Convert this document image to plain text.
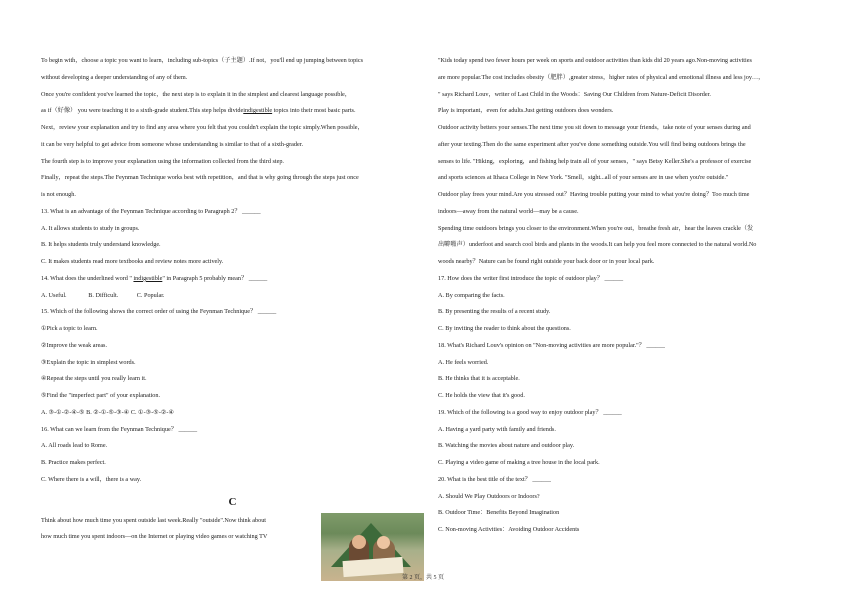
To begin with，choose a topic you want to learn，including sub-topics（子主题）.If not，you'll end up jumping between topics
without developing a deeper understanding of any of them.
Once you're confident you've learned the topic，the next step is to explain it in the simplest and clearest language possible，
as if（好像） you were teaching it to a sixth-grade student.This step helps divideindigestible topics into their most basic parts.
Next，review your explanation and try to find any area where you felt that you couldn't explain the topic simply.When possible，
it can be very helpful to get advice from someone whose understanding is similar to that of a sixth-grader.
The fourth step is to improve your explanation using the information collected from the third step.
Finally，repeat the steps.The Feynman Technique works best with repetition，and that is why going through the steps just once
is not enough.
13. What is an advantage of the Feynman Technique according to Paragraph 2？ ______
A. It allows students to study in groups.
B. It helps students truly understand knowledge.
C. It makes students read more textbooks and review notes more actively.
14. What does the underlined word " indigestible" in Paragraph 5 probably mean？ ______
A. Useful.              B. Difficult.            C. Popular.
15. Which of the following shows the correct order of using the Feynman Technique？ ______
①Pick a topic to learn.
②Improve the weak areas.
③Explain the topic in simplest words.
④Repeat the steps until you really learn it.
⑤Find the "imperfect part" of your explanation.
A. ③-①-②-④-⑤ B. ②-①-⑤-③-④ C. ①-③-⑤-②-④
16. What can we learn from the Feynman Technique？ ______
A. All roads lead to Rome.
B. Practice makes perfect.
C. Where there is a will，there is a way.
C
Think about how much time you spent outside last week.Really "outside".Now think about
how much time you spent indoors—on the Internet or playing video games or watching TV
"Kids today spend two fewer hours per week on sports and outdoor activities than kids did 20 years ago.Non-moving activities
are more popular.The cost includes obesity（肥胖）,greater stress，higher rates of physical and emotional illness and less joy…，
" says Richard Louv，writer of Last Child in the Woods：Saving Our Children from Nature-Deficit Disorder.
Play is important，even for adults.Just getting outdoors does wonders.
Outdoor activity betters your senses.The next time you sit down to message your friends，take note of your senses during and
after your texting.Then do the same experiment after you've done something outside.You will find being outdoors brings the
senses to life. "Hiking，exploring，and fishing help train all of your senses，" says Betsy Keller.She's a professor of exercise
and sports sciences at Ithaca College in New York. "Smell，sight...all of your senses are in use when you're outside."
Outdoor play frees your mind.Are you stressed out？Having trouble putting your mind to what you're doing？Too much time
indoors—away from the natural world—may be a cause.
Spending time outdoors brings you closer to the environment.When you're out，breathe fresh air，hear the leaves crackle（发
出噼啪声）underfoot and search cool birds and plants in the woods.It can help you feel more connected to the natural world.No
woods nearby？Nature can be found right outside your back door or in your local park.
17. How does the writer first introduce the topic of outdoor play？ ______
A. By comparing the facts.
B. By presenting the results of a recent study.
C. By inviting the reader to think about the questions.
18. What's Richard Louv's opinion on "Non-moving activities are more popular."？ ______
A. He feels worried.
B. He thinks that it is acceptable.
C. He holds the view that it's good.
19. Which of the following is a good way to enjoy outdoor play？ ______
A. Having a yard party with family and friends.
B. Watching the movies about nature and outdoor play.
C. Playing a video game of making a tree house in the local park.
20. What is the best title of the text？ ______
A. Should We Play Outdoors or Indoors?
B. Outdoor Time：Benefits Beyond Imagination
C. Non-moving Activities：Avoiding Outdoor Accidents
第 2 页，共 5 页
